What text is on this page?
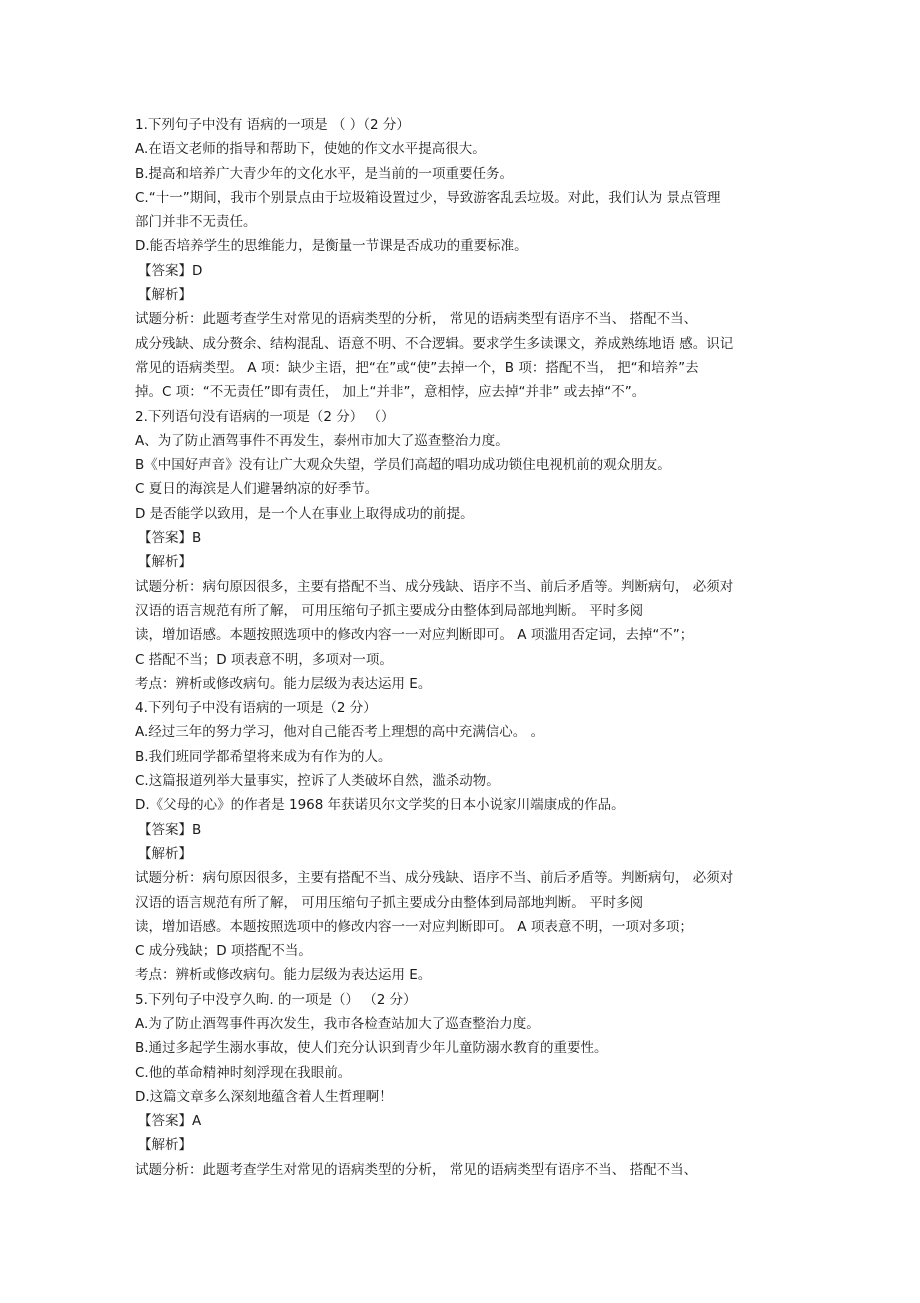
1.下列句子中没有 语病的一项是 （ ）（2 分）
A.在语文老师的指导和帮助下，使她的作文水平提高很大。
B.提高和培养广大青少年的文化水平，是当前的一项重要任务。
C.“十一”期间，我市个别景点由于垃圾箱设置过少，导致游客乱丢垃圾。对此，我们认为 景点管理
部门并非不无责任。
D.能否培养学生的思维能力，是衡量一节课是否成功的重要标准。
【答案】D
【解析】
试题分析：此题考查学生对常见的语病类型的分析， 常见的语病类型有语序不当、 搭配不当、
成分残缺、成分赘余、结构混乱、语意不明、不合逻辑。要求学生多读课文，养成熟练地语 感。识记
常见的语病类型。 A 项：缺少主语，把“在”或“使”去掉一个，B 项：搭配不当， 把“和培养”去
掉。C 项：“不无责任”即有责任， 加上“并非”，意相悖，应去掉“并非” 或去掉“不”。
2.下列语句没有语病的一项是（2 分） （）
A、为了防止酒驾事件不再发生，泰州市加大了巡查整治力度。
B《中国好声音》没有让广大观众失望，学员们高超的唱功成功锁住电视机前的观众朋友。
C 夏日的海滨是人们避暑纳凉的好季节。
D 是否能学以致用，是一个人在事业上取得成功的前提。
【答案】B
【解析】
试题分析：病句原因很多，主要有搭配不当、成分残缺、语序不当、前后矛盾等。判断病句， 必须对
汉语的语言规范有所了解， 可用压缩句子抓主要成分由整体到局部地判断。 平时多阅
读，增加语感。本题按照选项中的修改内容一一对应判断即可。 A 项滥用否定词，去掉“不”；
C 搭配不当；D 项表意不明，多项对一项。
考点：辨析或修改病句。能力层级为表达运用 E。
4.下列句子中没有语病的一项是（2 分）
A.经过三年的努力学习，他对自己能否考上理想的高中充满信心。 。
B.我们班同学都希望将来成为有作为的人。
C.这篇报道列举大量事实，控诉了人类破坏自然，滥杀动物。
D.《父母的心》的作者是 1968 年获诺贝尔文学奖的日本小说家川端康成的作品。
【答案】B
【解析】
试题分析：病句原因很多，主要有搭配不当、成分残缺、语序不当、前后矛盾等。判断病句， 必须对
汉语的语言规范有所了解， 可用压缩句子抓主要成分由整体到局部地判断。 平时多阅
读，增加语感。本题按照选项中的修改内容一一对应判断即可。 A 项表意不明，一项对多项；
C 成分残缺；D 项搭配不当。
考点：辨析或修改病句。能力层级为表达运用 E。
5.下列句子中没亨久昫. 的一项是（） （2 分）
A.为了防止酒驾事件再次发生，我市各检查站加大了巡查整治力度。
B.通过多起学生溺水事故，使人们充分认识到青少年儿童防溺水教育的重要性。
C.他的革命精神时刻浮现在我眼前。
D.这篇文章多么深刻地蕴含着人生哲理啊！
【答案】A
【解析】
试题分析：此题考查学生对常见的语病类型的分析， 常见的语病类型有语序不当、 搭配不当、
